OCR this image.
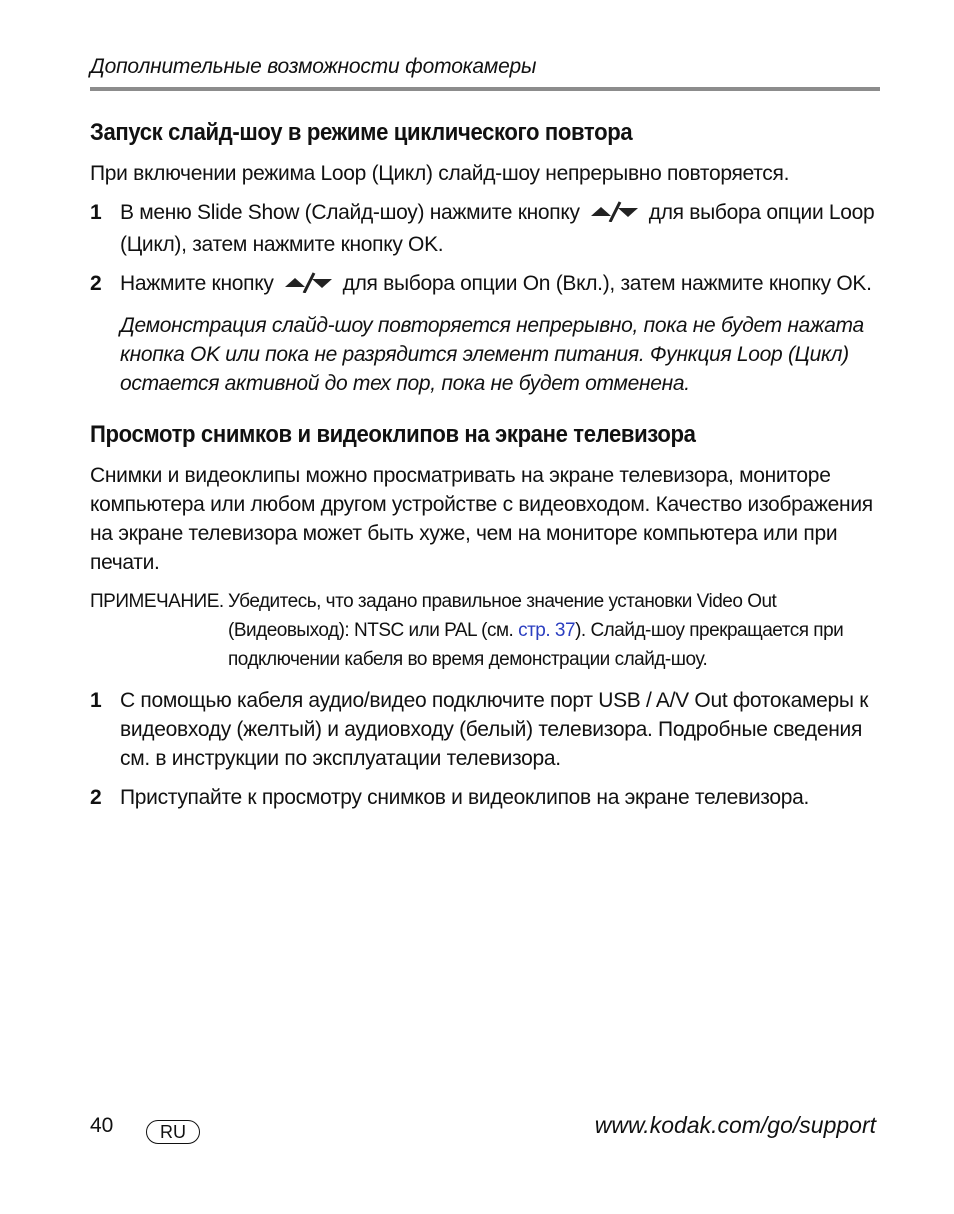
Дополнительные возможности фотокамеры
Запуск слайд-шоу в режиме циклического повтора

При включении режима Loop (Цикл) слайд-шоу непрерывно повторяется.

1 В меню Slide Show (Слайд-шоу) нажмите кнопку	для выбора опции Loop (Цикл), затем нажмите кнопку OK.
2 Нажмите кнопку	для выбора опции On (Вкл.), затем нажмите кнопку OK.

Демонстрация слайд-шоу повторяется непрерывно, пока не будет нажата кнопка OK или пока не разрядится элемент питания. Функция Loop (Цикл) остается активной до тех пор, пока не будет отменена.

Просмотр снимков и видеоклипов на экране телевизора

Снимки и видеоклипы можно просматривать на экране телевизора, мониторе компьютера или любом другом устройстве с видеовходом. Качество изображения на экране телевизора может быть хуже, чем на мониторе компьютера или при печати.

ПРИМЕЧАНИЕ. Убедитесь, что задано правильное значение установки Video Out (Видеовыход): NTSC или PAL (см. стр. 37). Слайд-шоу прекращается при подключении кабеля во время демонстрации слайд-шоу.
1 С помощью кабеля аудио/видео подключите порт USB / A/V Out фотокамеры к видеовходу (желтый) и аудиовходу (белый) телевизора. Подробные сведения см. в инструкции по эксплуатации телевизора.
2 Приступайте к просмотру снимков и видеоклипов на экране телевизора.
40	RU	www.kodak.com/go/support
